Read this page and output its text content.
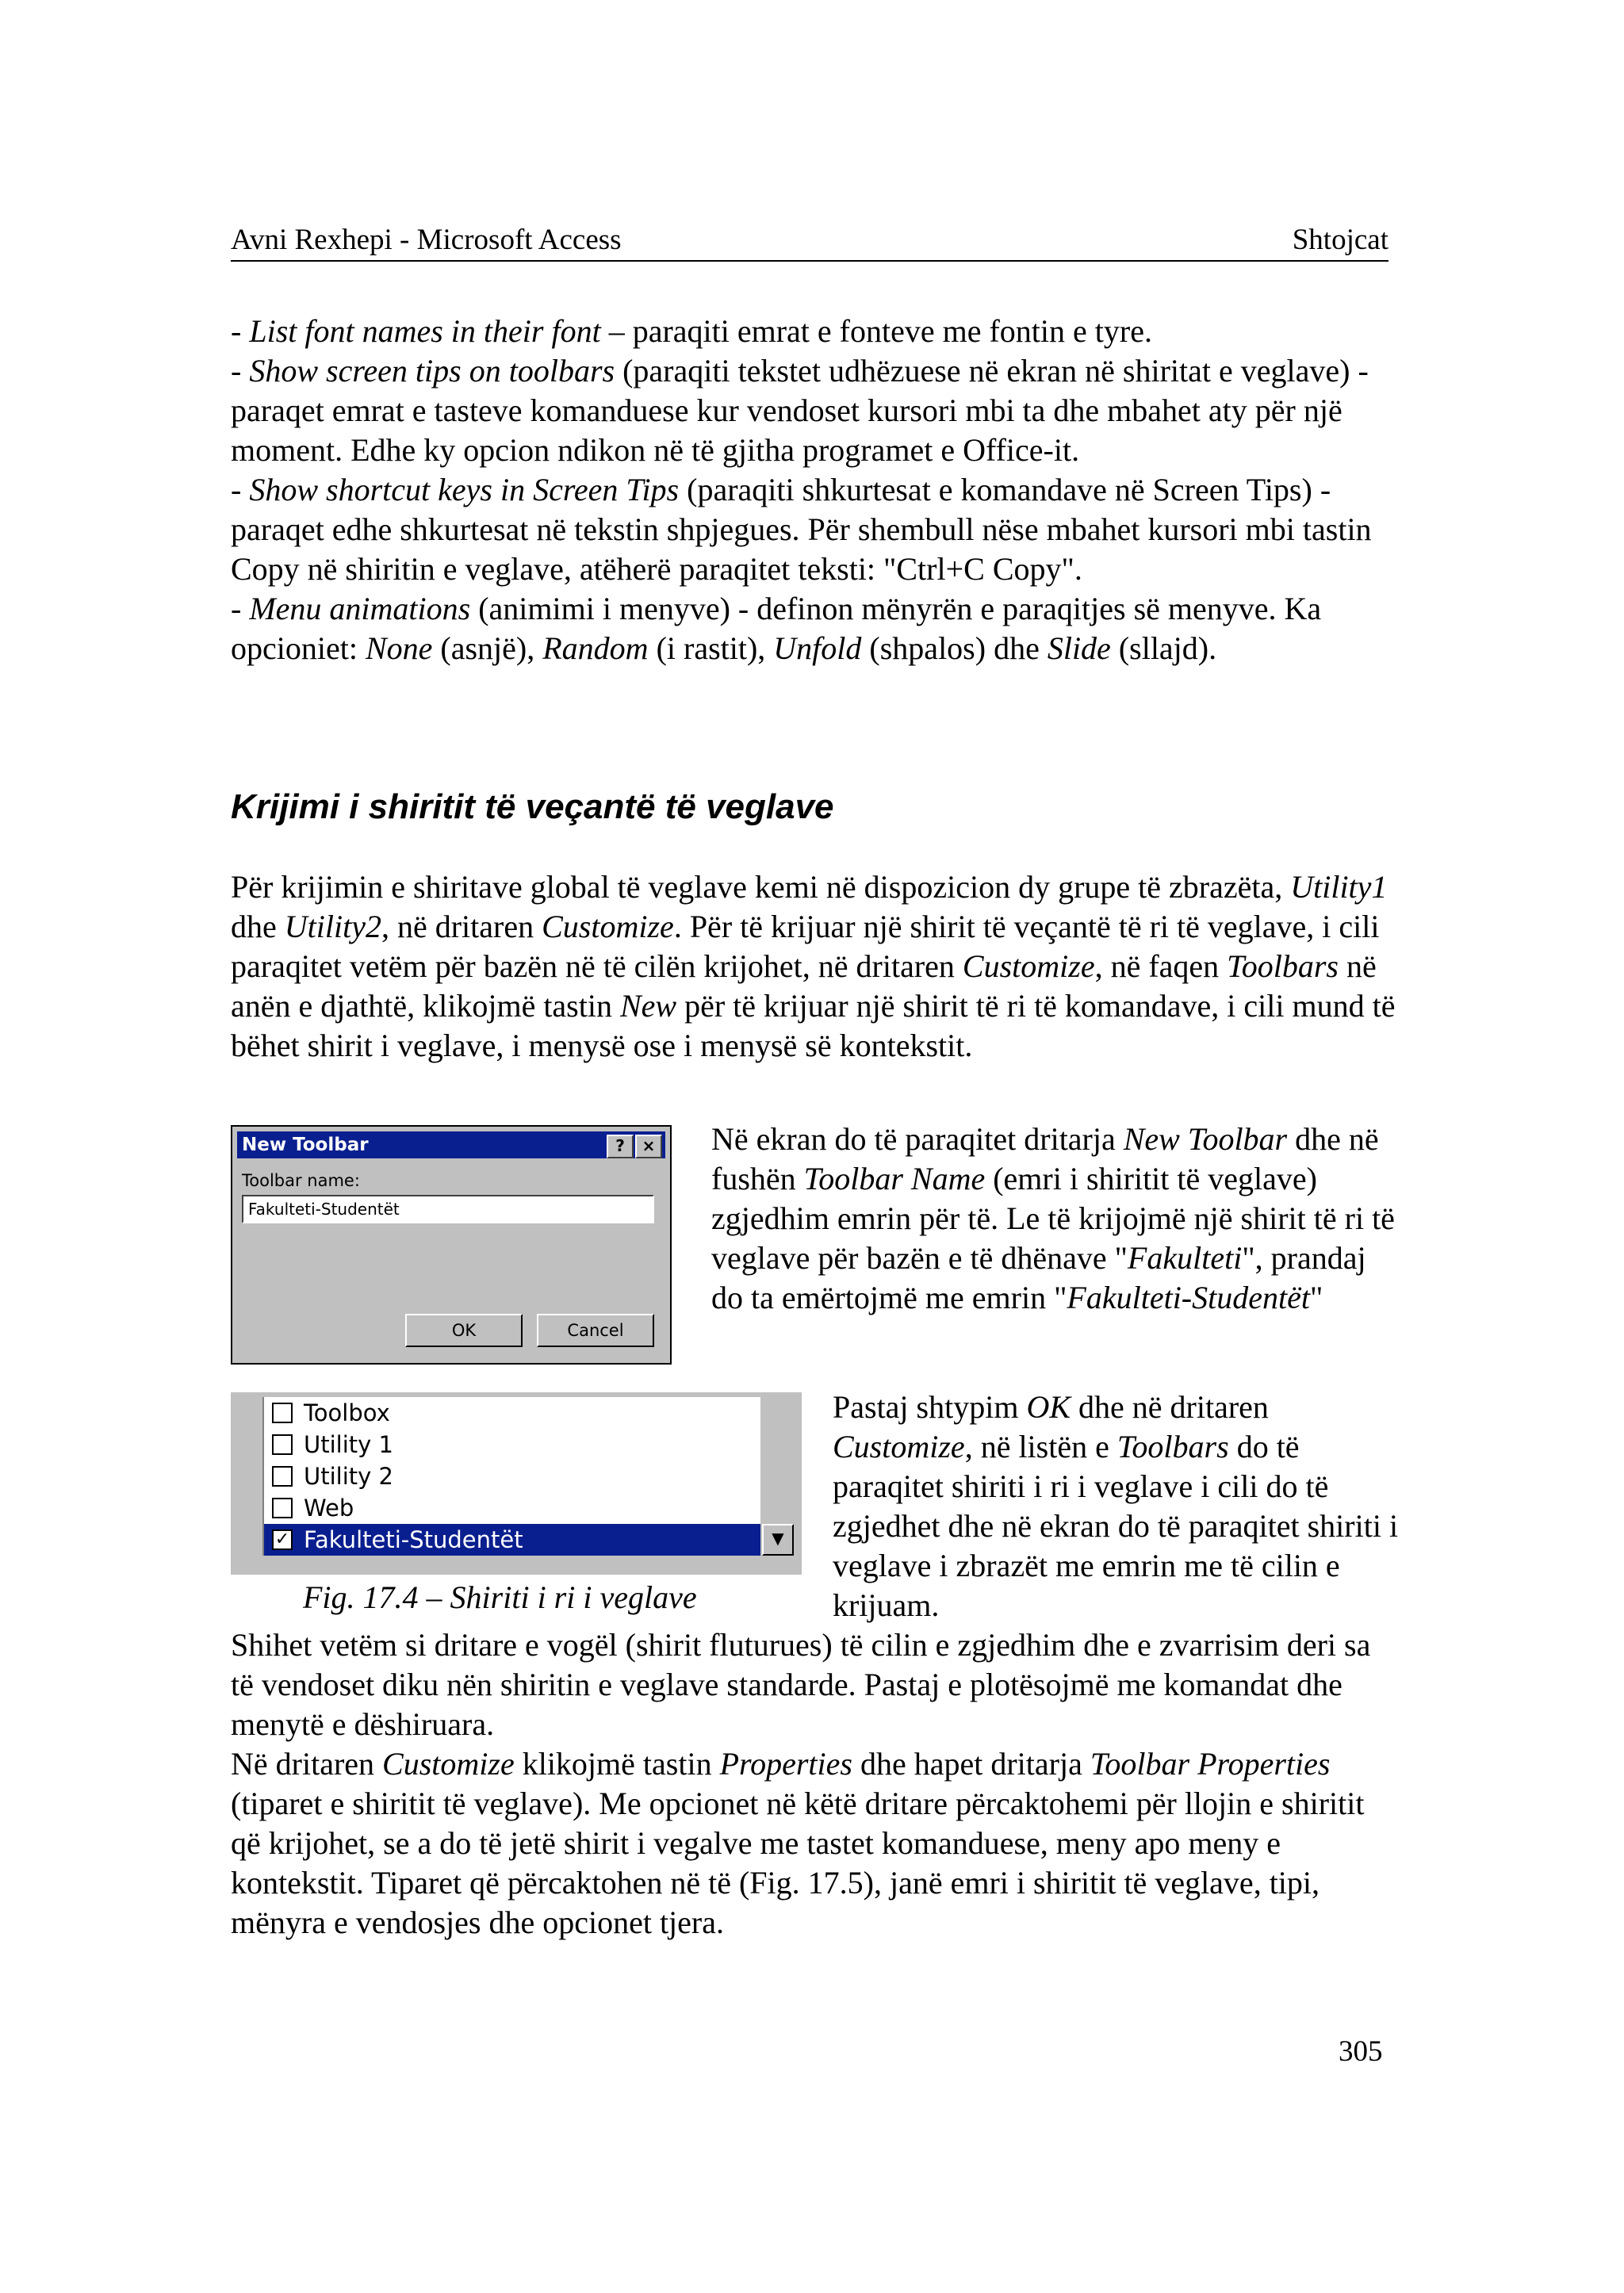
Avni Rexhepi - Microsoft Access	Shtojcat

- List font names in their font – paraqiti emrat e fonteve me fontin e tyre.

- Show screen tips on toolbars (paraqiti tekstet udhëzuese në ekran në shiritat e veglave) - paraqet emrat e tasteve komanduese kur vendoset kursori mbi ta dhe mbahet aty për një moment. Edhe ky opcion ndikon në të gjitha programet e Office-it.

- Show shortcut keys in Screen Tips (paraqiti shkurtesat e komandave në Screen Tips) - paraqet edhe shkurtesat në tekstin shpjegues. Për shembull nëse mbahet kursori mbi tastin Copy në shiritin e veglave, atëherë paraqitet teksti: "Ctrl+C Copy".

- Menu animations (animimi i menyve) - definon mënyrën e paraqitjes së menyve. Ka opcioniet: None (asnjë), Random (i rastit), Unfold (shpalos) dhe Slide (sllajd).

Krijimi i shiritit të veçantë të veglave

Për krijimin e shiritave global të veglave kemi në dispozicion dy grupe të zbrazëta, Utility1 dhe Utility2, në dritaren Customize. Për të krijuar një shirit të veçantë të ri të veglave, i cili paraqitet vetëm për bazën në të cilën krijohet, në dritaren Customize, në faqen Toolbars në anën e djathtë, klikojmë tastin New për të krijuar një shirit të ri të komandave, i cili mund të bëhet shirit i veglave, i menysë ose i menysë së kontekstit.

New Toolbar	?	×
Toolbar name:
Fakulteti-Studentët
OK	Cancel

Në ekran do të paraqitet dritarja New Toolbar dhe në fushën Toolbar Name (emri i shiritit të veglave) zgjedhim emrin për të. Le të krijojmë një shirit të ri të veglave për bazën e të dhënave "Fakulteti", prandaj do ta emërtojmë me emrin "Fakulteti-Studentët"

Toolbox
Utility 1
Utility 2
Web
✓ Fakulteti-Studentët	▼
Fig. 17.4 – Shiriti i ri i veglave

Pastaj shtypim OK dhe në dritaren Customize, në listën e Toolbars do të paraqitet shiriti i ri i veglave i cili do të zgjedhet dhe në ekran do të paraqitet shiriti i veglave i zbrazët me emrin me të cilin e krijuam.

Shihet vetëm si dritare e vogël (shirit fluturues) të cilin e zgjedhim dhe e zvarrisim deri sa të vendoset diku nën shiritin e veglave standarde. Pastaj e plotësojmë me komandat dhe menytë e dëshiruara.

Në dritaren Customize klikojmë tastin Properties dhe hapet dritarja Toolbar Properties (tiparet e shiritit të veglave). Me opcionet në këtë dritare përcaktohemi për llojin e shiritit që krijohet, se a do të jetë shirit i vegalve me tastet komanduese, meny apo meny e kontekstit. Tiparet që përcaktohen në të (Fig. 17.5), janë emri i shiritit të veglave, tipi, mënyra e vendosjes dhe opcionet tjera.

305
